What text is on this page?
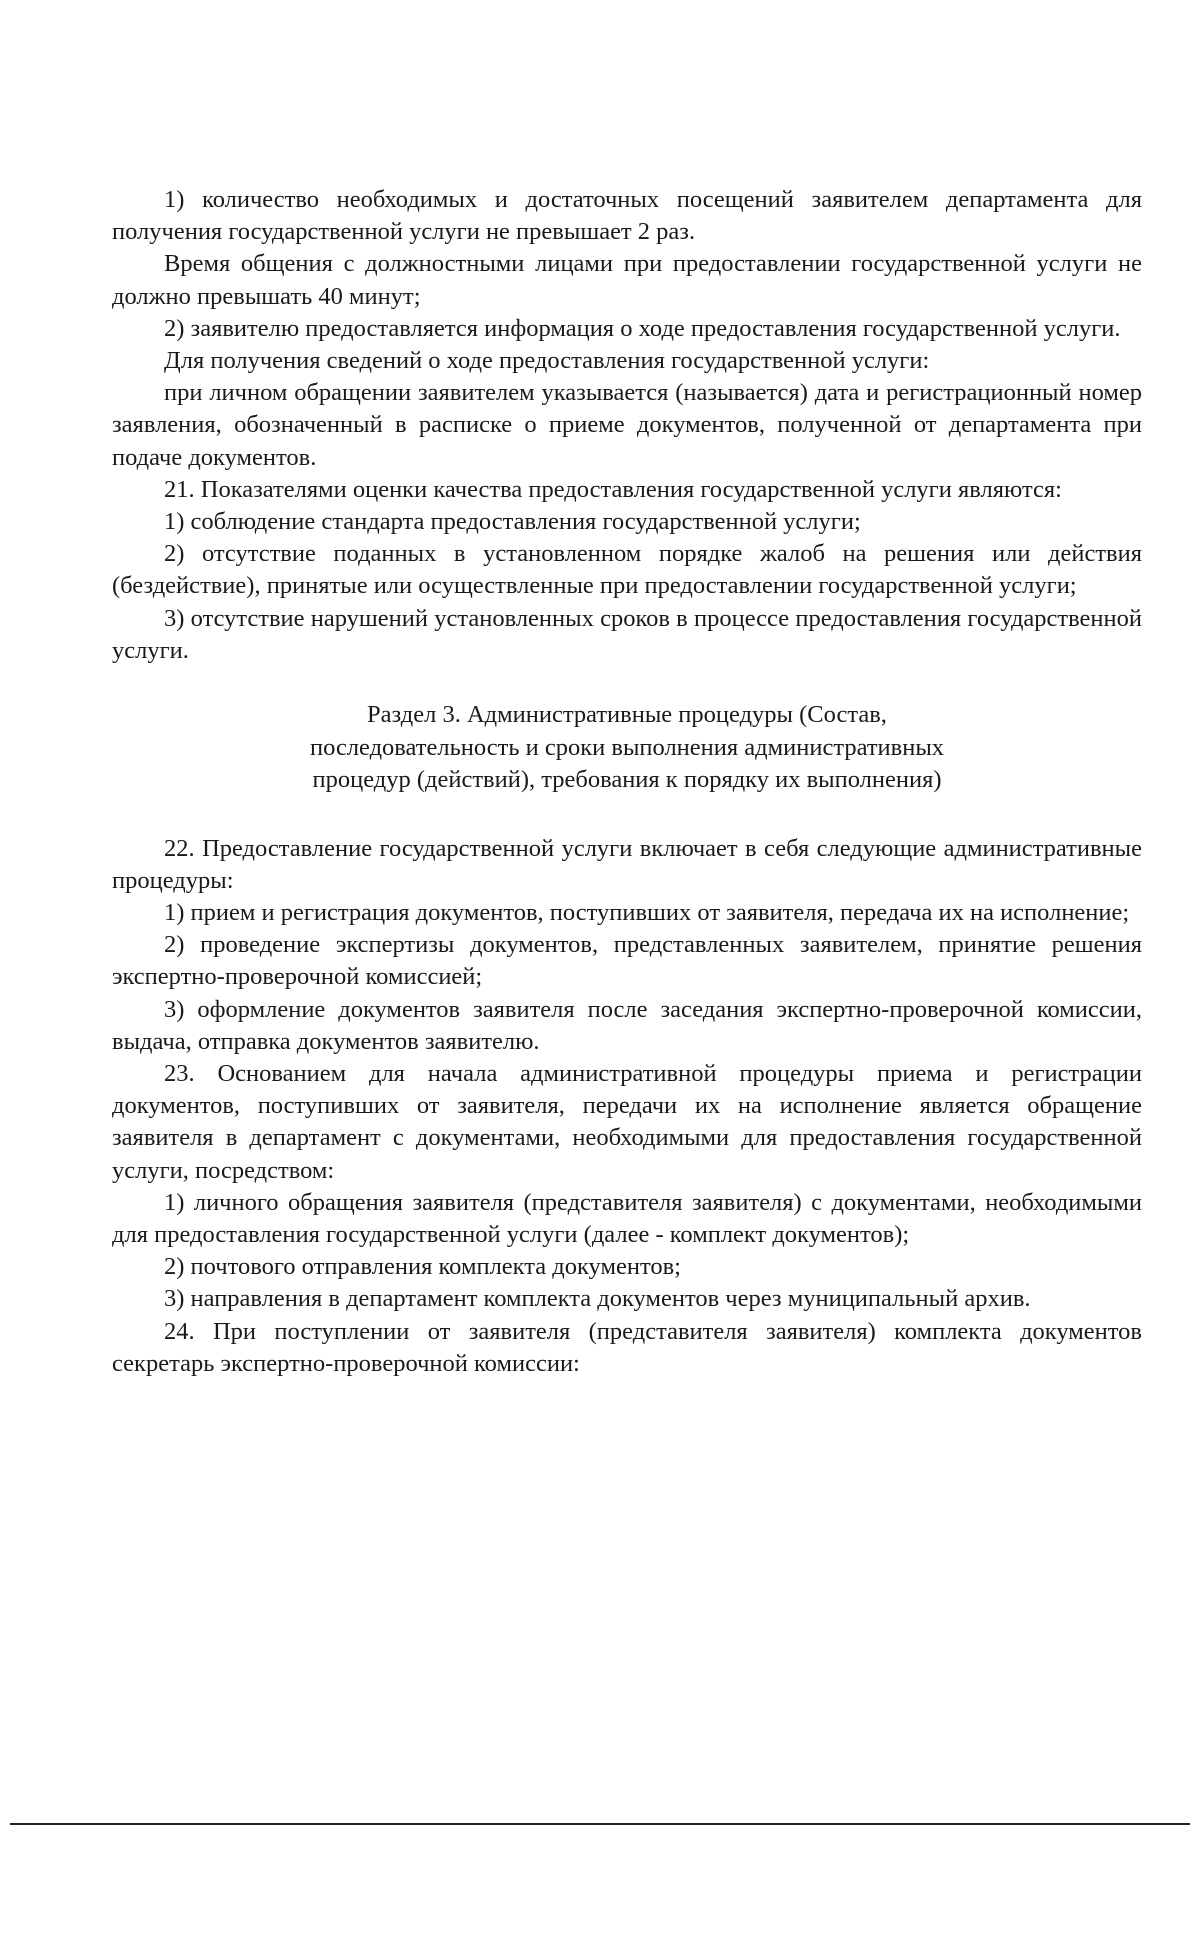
1) количество необходимых и достаточных посещений заявителем департамента для получения государственной услуги не превышает 2 раз.

Время общения с должностными лицами при предоставлении государственной услуги не должно превышать 40 минут;

2) заявителю предоставляется информация о ходе предоставления государственной услуги.

Для получения сведений о ходе предоставления государственной услуги:

при личном обращении заявителем указывается (называется) дата и регистрационный номер заявления, обозначенный в расписке о приеме документов, полученной от департамента при подаче документов.

21. Показателями оценки качества предоставления государственной услуги являются:

1) соблюдение стандарта предоставления государственной услуги;

2) отсутствие поданных в установленном порядке жалоб на решения или действия (бездействие), принятые или осуществленные при предоставлении государственной услуги;

3) отсутствие нарушений установленных сроков в процессе предоставления государственной услуги.

Раздел 3. Административные процедуры (Состав,
последовательность и сроки выполнения административных
процедур (действий), требования к порядку их выполнения)

22. Предоставление государственной услуги включает в себя следующие административные процедуры:

1) прием и регистрация документов, поступивших от заявителя, передача их на исполнение;

2) проведение экспертизы документов, представленных заявителем, принятие решения экспертно-проверочной комиссией;

3) оформление документов заявителя после заседания экспертно-проверочной комиссии, выдача, отправка документов заявителю.

23. Основанием для начала административной процедуры приема и регистрации документов, поступивших от заявителя, передачи их на исполнение является обращение заявителя в департамент с документами, необходимыми для предоставления государственной услуги, посредством:

1) личного обращения заявителя (представителя заявителя) с документами, необходимыми для предоставления государственной услуги (далее - комплект документов);

2) почтового отправления комплекта документов;

3) направления в департамент комплекта документов через муниципальный архив.

24. При поступлении от заявителя (представителя заявителя) комплекта документов секретарь экспертно-проверочной комиссии:
